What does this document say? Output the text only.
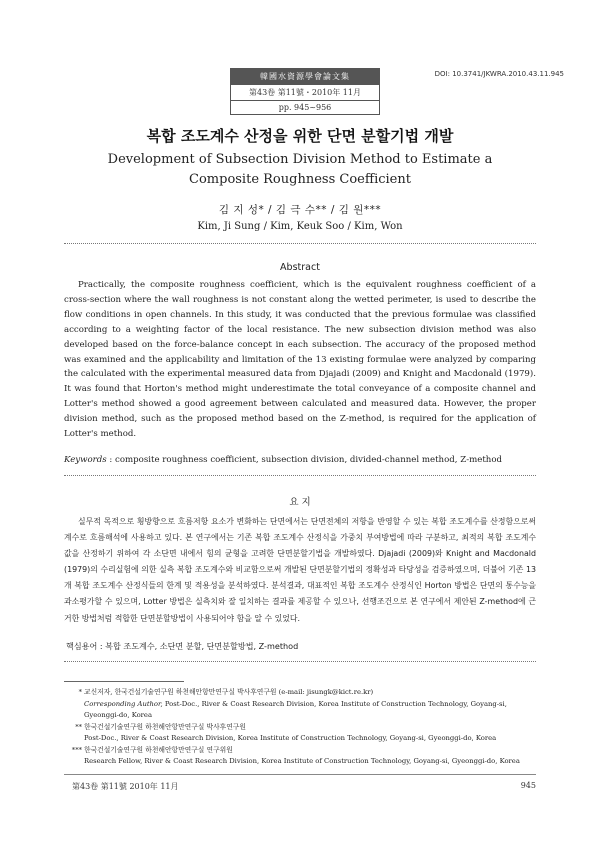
韓國水資源學會論文集
第43卷 第11號・2010年 11月
pp. 945~956
DOI: 10.3741/JKWRA.2010.43.11.945
복합 조도계수 산정을 위한 단면 분할기법 개발
Development of Subsection Division Method to Estimate a
Composite Roughness Coefficient
김 지 성* / 김 극 수** / 김 원***
Kim, Ji Sung / Kim, Keuk Soo / Kim, Won
Abstract

Practically, the composite roughness coefficient, which is the equivalent roughness coefficient of a cross-section where the wall roughness is not constant along the wetted perimeter, is used to describe the flow conditions in open channels. In this study, it was conducted that the previous formulae was classified according to a weighting factor of the local resistance. The new subsection division method was also developed based on the force-balance concept in each subsection. The accuracy of the proposed method was examined and the applicability and limitation of the 13 existing formulae were analyzed by comparing the calculated with the experimental measured data from Djajadi (2009) and Knight and Macdonald (1979). It was found that Horton's method might underestimate the total conveyance of a composite channel and Lotter's method showed a good agreement between calculated and measured data. However, the proper division method, such as the proposed method based on the Z-method, is required for the application of Lotter's method.

Keywords : composite roughness coefficient, subsection division, divided-channel method, Z-method
요 지

실무적 목적으로 횡방향으로 흐름저항 요소가 변화하는 단면에서는 단면전체의 저항을 반영할 수 있는 복합 조도계수를 산정함으로써 계수로 흐름해석에 사용하고 있다. 본 연구에서는 기존 복합 조도계수 산정식을 가중치 부여방법에 따라 구분하고, 최적의 복합 조도계수 값을 산정하기 위하여 각 소단면 내에서 힘의 균형을 고려한 단면분할기법을 개발하였다. Djajadi (2009)와 Knight and Macdonald (1979)의 수리실험에 의한 실측 복합 조도계수와 비교함으로써 개발된 단면분할기법의 정확성과 타당성을 검증하였으며, 더불어 기존 13개 복합 조도계수 산정식들의 한계 및 적용성을 분석하였다. 분석결과, 대표적인 복합 조도계수 산정식인 Horton 방법은 단면의 통수능을 과소평가할 수 있으며, Lotter 방법은 실측치와 잘 일치하는 결과를 제공할 수 있으나, 선행조건으로 본 연구에서 제안된 Z-method에 근거한 방법처럼 적합한 단면분할방법이 사용되어야 함을 알 수 있었다.

핵심용어 : 복합 조도계수, 소단면 분할, 단면분할방법, Z-method
* 교신저자, 한국건설기술연구원 하천해안항만연구실 박사후연구원 (e-mail: jisungk@kict.re.kr)
Corresponding Author, Post-Doc., River & Coast Research Division, Korea Institute of Construction Technology, Goyang-si, Gyeonggi-do, Korea
** 한국건설기술연구원 하천해안항만연구실 박사후연구원
Post-Doc., River & Coast Research Division, Korea Institute of Construction Technology, Goyang-si, Gyeonggi-do, Korea
*** 한국건설기술연구원 하천해안항만연구실 연구위원
Research Fellow, River & Coast Research Division, Korea Institute of Construction Technology, Goyang-si, Gyeonggi-do, Korea
第43卷 第11號 2010年 11月	945
